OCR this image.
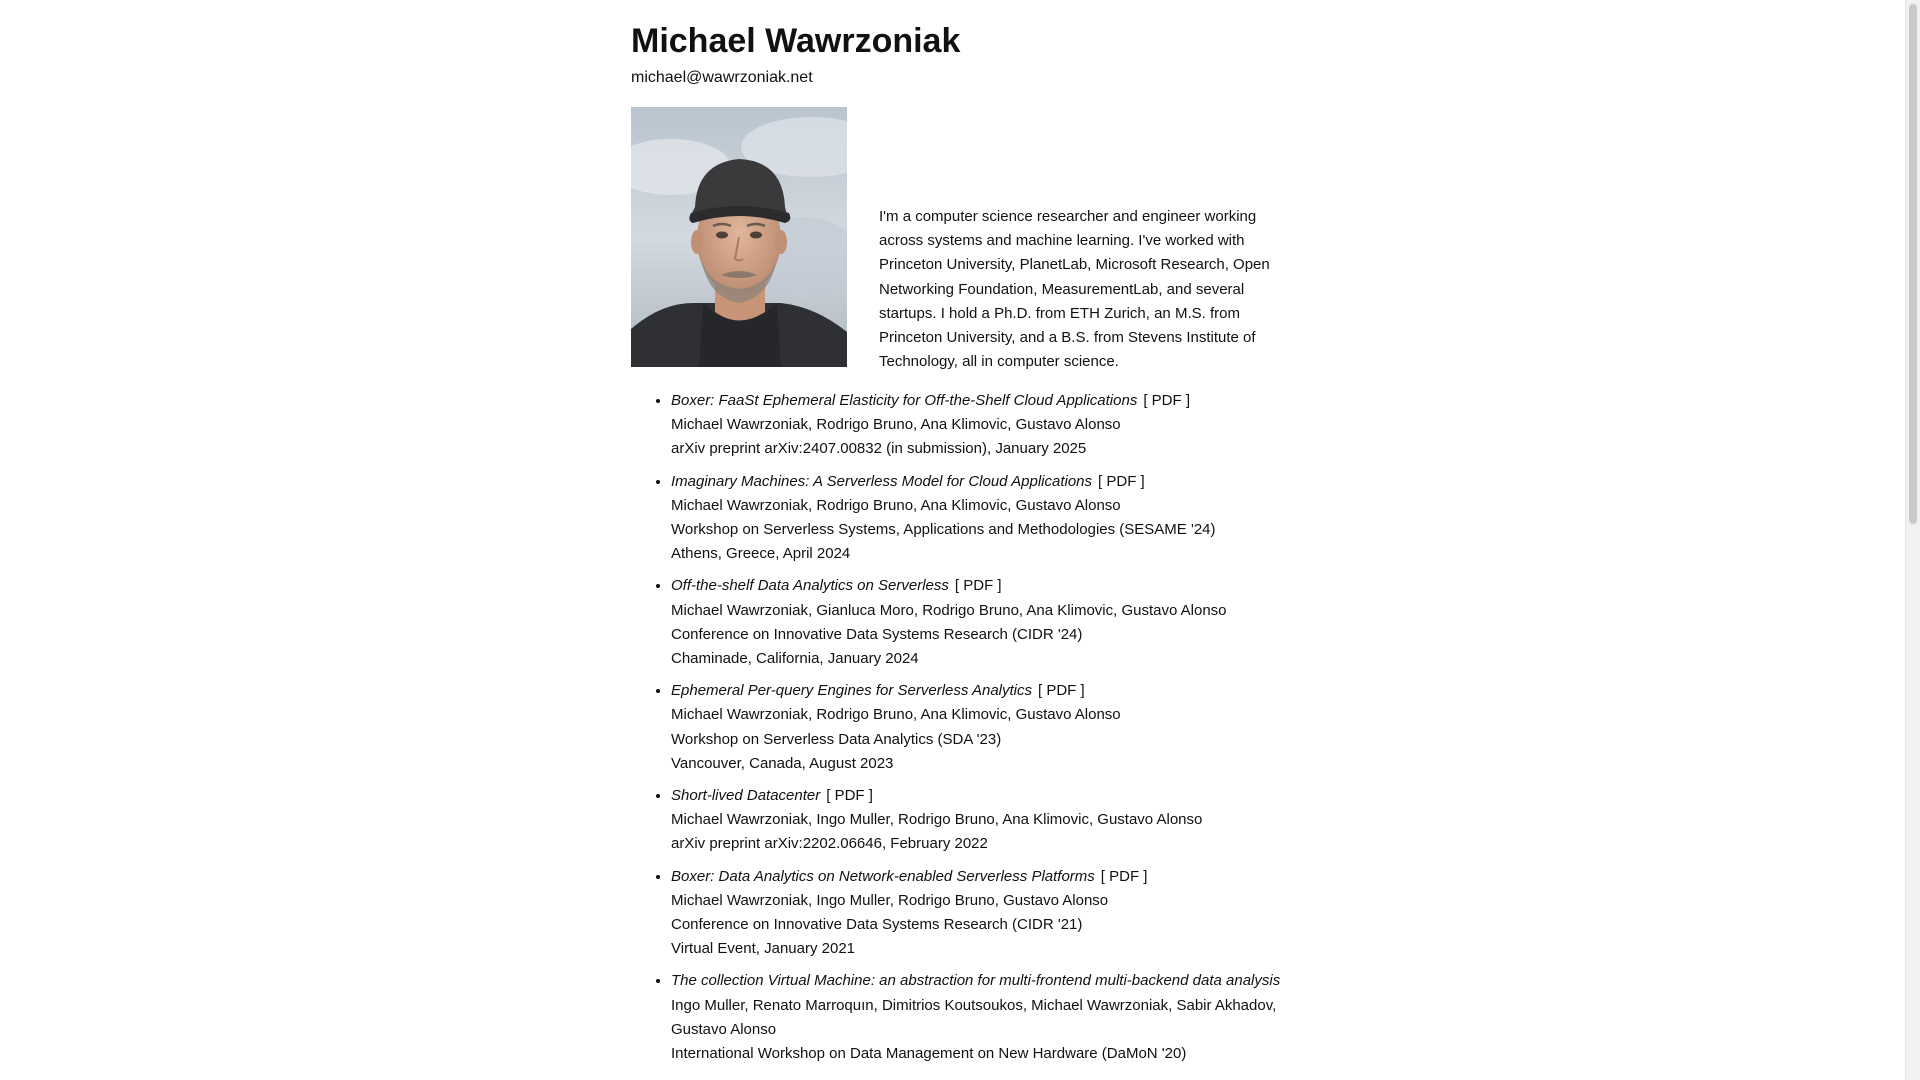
Michael Wawrzoniak
michael@wawrzoniak.net

I'm a computer science researcher and engineer working across systems and machine learning. I've worked with Princeton University, PlanetLab, Microsoft Research, Open Networking Foundation, MeasurementLab, and several startups. I hold a Ph.D. from ETH Zurich, an M.S. from Princeton University, and a B.S. from Stevens Institute of Technology, all in computer science.

• Boxer: FaaSt Ephemeral Elasticity for Off-the-Shelf Cloud Applications [ PDF ]
Michael Wawrzoniak, Rodrigo Bruno, Ana Klimovic, Gustavo Alonso
arXiv preprint arXiv:2407.00832 (in submission), January 2025
• Imaginary Machines: A Serverless Model for Cloud Applications [ PDF ]
Michael Wawrzoniak, Rodrigo Bruno, Ana Klimovic, Gustavo Alonso
Workshop on Serverless Systems, Applications and Methodologies (SESAME '24)
Athens, Greece, April 2024
• Off-the-shelf Data Analytics on Serverless [ PDF ]
Michael Wawrzoniak, Gianluca Moro, Rodrigo Bruno, Ana Klimovic, Gustavo Alonso
Conference on Innovative Data Systems Research (CIDR '24)
Chaminade, California, January 2024
• Ephemeral Per-query Engines for Serverless Analytics [ PDF ]
Michael Wawrzoniak, Rodrigo Bruno, Ana Klimovic, Gustavo Alonso
Workshop on Serverless Data Analytics (SDA '23)
Vancouver, Canada, August 2023
• Short-lived Datacenter [ PDF ]
Michael Wawrzoniak, Ingo Muller, Rodrigo Bruno, Ana Klimovic, Gustavo Alonso
arXiv preprint arXiv:2202.06646, February 2022
• Boxer: Data Analytics on Network-enabled Serverless Platforms [ PDF ]
Michael Wawrzoniak, Ingo Muller, Rodrigo Bruno, Gustavo Alonso
Conference on Innovative Data Systems Research (CIDR '21)
Virtual Event, January 2021
• The collection Virtual Machine: an abstraction for multi-frontend multi-backend data analysis
Ingo Muller, Renato Marroquın, Dimitrios Koutsoukos, Michael Wawrzoniak, Sabir Akhadov, Gustavo Alonso
International Workshop on Data Management on New Hardware (DaMoN '20)
